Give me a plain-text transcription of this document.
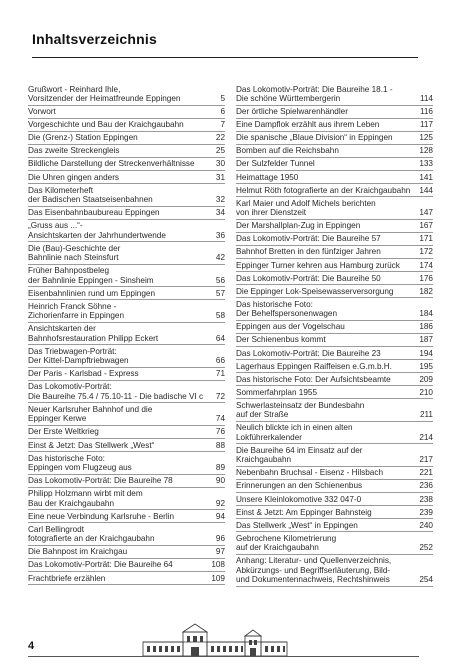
Inhaltsverzeichnis
Grußwort - Reinhard Ihle,
Vorsitzender der Heimatfreunde Eppingen	5
Vorwort	6
Vorgeschichte und Bau der Kraichgaubahn	7
Die (Grenz-) Station Eppingen	22
Das zweite Streckengleis	25
Bildliche Darstellung der Streckenverhältnisse	30
Die Uhren gingen anders	31
Das Kilometerheft
der Badischen Staatseisenbahnen	32
Das Eisenbahnbaubureau Eppingen	34
„Gruss aus ...“-
Ansichtskarten der Jahrhundertwende	36
Die (Bau)-Geschichte der
Bahnlinie nach Steinsfurt	42
Früher Bahnpostbeleg
der Bahnlinie Eppingen - Sinsheim	56
Eisenbahnlinien rund um Eppingen	57
Heinrich Franck Söhne -
Zichorienfarre in Eppingen	58
Ansichtskarten der
Bahnhofsrestauration Philipp Eckert	64
Das Triebwagen-Porträt:
Der Kittel-Dampftriebwagen	66
Der Paris - Karlsbad - Express	71
Das Lokomotiv-Porträt:
Die Baureihe 75.4 / 75.10-11 - Die badische VI c	72
Neuer Karlsruher Bahnhof und die
Eppinger Kerwe	74
Der Erste Weltkrieg	76
Einst & Jetzt: Das Stellwerk „West“	88
Das historische Foto:
Eppingen vom Flugzeug aus	89
Das Lokomotiv-Porträt: Die Baureihe 78	90
Philipp Holzmann wirbt mit dem
Bau der Kraichgaubahn	92
Eine neue Verbindung Karlsruhe - Berlin	94
Carl Bellingrodt
fotografierte an der Kraichgaubahn	96
Die Bahnpost im Kraichgau	97
Das Lokomotiv-Porträt: Die Baureihe 64	108
Frachtbriefe erzählen	109
Das Lokomotiv-Porträt: Die Baureihe 18.1 -
Die schöne Württembergerin	114
Der örtliche Spielwarenhändler	116
Eine Dampflok erzählt aus ihrem Leben	117
Die spanische „Blaue Division“ in Eppingen	125
Bomben auf die Reichsbahn	128
Der Sulzfelder Tunnel	133
Heimattage 1950	141
Helmut Röth fotografierte an der Kraichgaubahn	144
Karl Maier und Adolf Michels berichten
von ihrer Dienstzeit	147
Der Marshallplan-Zug in Eppingen	167
Das Lokomotiv-Porträt: Die Baureihe 57	171
Bahnhof Bretten in den fünfziger Jahren	172
Eppinger Turner kehren aus Hamburg zurück	174
Das Lokomotiv-Porträt: Die Baureihe 50	176
Die Eppinger Lok-Speisewasserversorgung	182
Das historische Foto:
Der Behelfspersonenwagen	184
Eppingen aus der Vogelschau	186
Der Schienenbus kommt	187
Das Lokomotiv-Porträt: Die Baureihe 23	194
Lagerhaus Eppingen Raiffeisen e.G.m.b.H.	195
Das historische Foto: Der Aufsichtsbeamte	209
Sommerfahrplan 1955	210
Schwerlasteinsatz der Bundesbahn
auf der Straße	211
Neulich blickte ich in einen alten
Lokführerkalender	214
Die Baureihe 64 im Einsatz auf der
Kraichgaubahn	217
Nebenbahn Bruchsal - Eisenz - Hilsbach	221
Erinnerungen an den Schienenbus	236
Unsere Kleinlokomotive 332 047-0	238
Einst & Jetzt: Am Eppinger Bahnsteig	239
Das Stellwerk „West“ in Eppingen	240
Gebrochene Kilometrierung
auf der Kraichgaubahn	252
Anhang: Literatur- und Quellenverzeichnis,
Abkürzungs- und Begriffserläuterung, Bild-
und Dokumentennachweis, Rechtshinweis	254
4
